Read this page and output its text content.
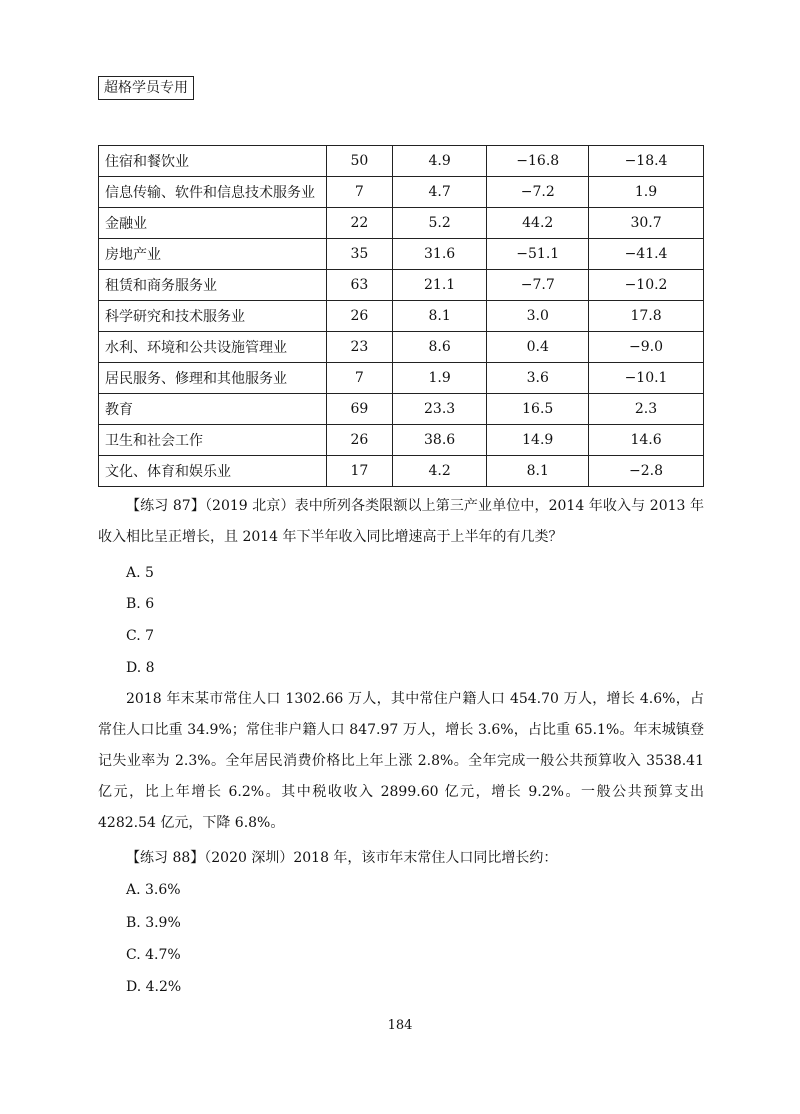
超格学员专用
住宿和餐饮业	50	4.9	−16.8	−18.4
信息传输、软件和信息技术服务业	7	4.7	−7.2	1.9
金融业	22	5.2	44.2	30.7
房地产业	35	31.6	−51.1	−41.4
租赁和商务服务业	63	21.1	−7.7	−10.2
科学研究和技术服务业	26	8.1	3.0	17.8
水利、环境和公共设施管理业	23	8.6	0.4	−9.0
居民服务、修理和其他服务业	7	1.9	3.6	−10.1
教育	69	23.3	16.5	2.3
卫生和社会工作	26	38.6	14.9	14.6
文化、体育和娱乐业	17	4.2	8.1	−2.8

【练习 87】（2019 北京）表中所列各类限额以上第三产业单位中，2014 年收入与 2013 年收入相比呈正增长，且 2014 年下半年收入同比增速高于上半年的有几类？

A. 5
B. 6
C. 7
D. 8

2018 年末某市常住人口 1302.66 万人，其中常住户籍人口 454.70 万人，增长 4.6%，占常住人口比重 34.9%；常住非户籍人口 847.97 万人，增长 3.6%，占比重 65.1%。年末城镇登记失业率为 2.3%。全年居民消费价格比上年上涨 2.8%。全年完成一般公共预算收入 3538.41 亿元，比上年增长 6.2%。其中税收收入 2899.60 亿元，增长 9.2%。一般公共预算支出 4282.54 亿元，下降 6.8%。

【练习 88】（2020 深圳）2018 年，该市年末常住人口同比增长约：

A. 3.6%
B. 3.9%
C. 4.7%
D. 4.2%
184
